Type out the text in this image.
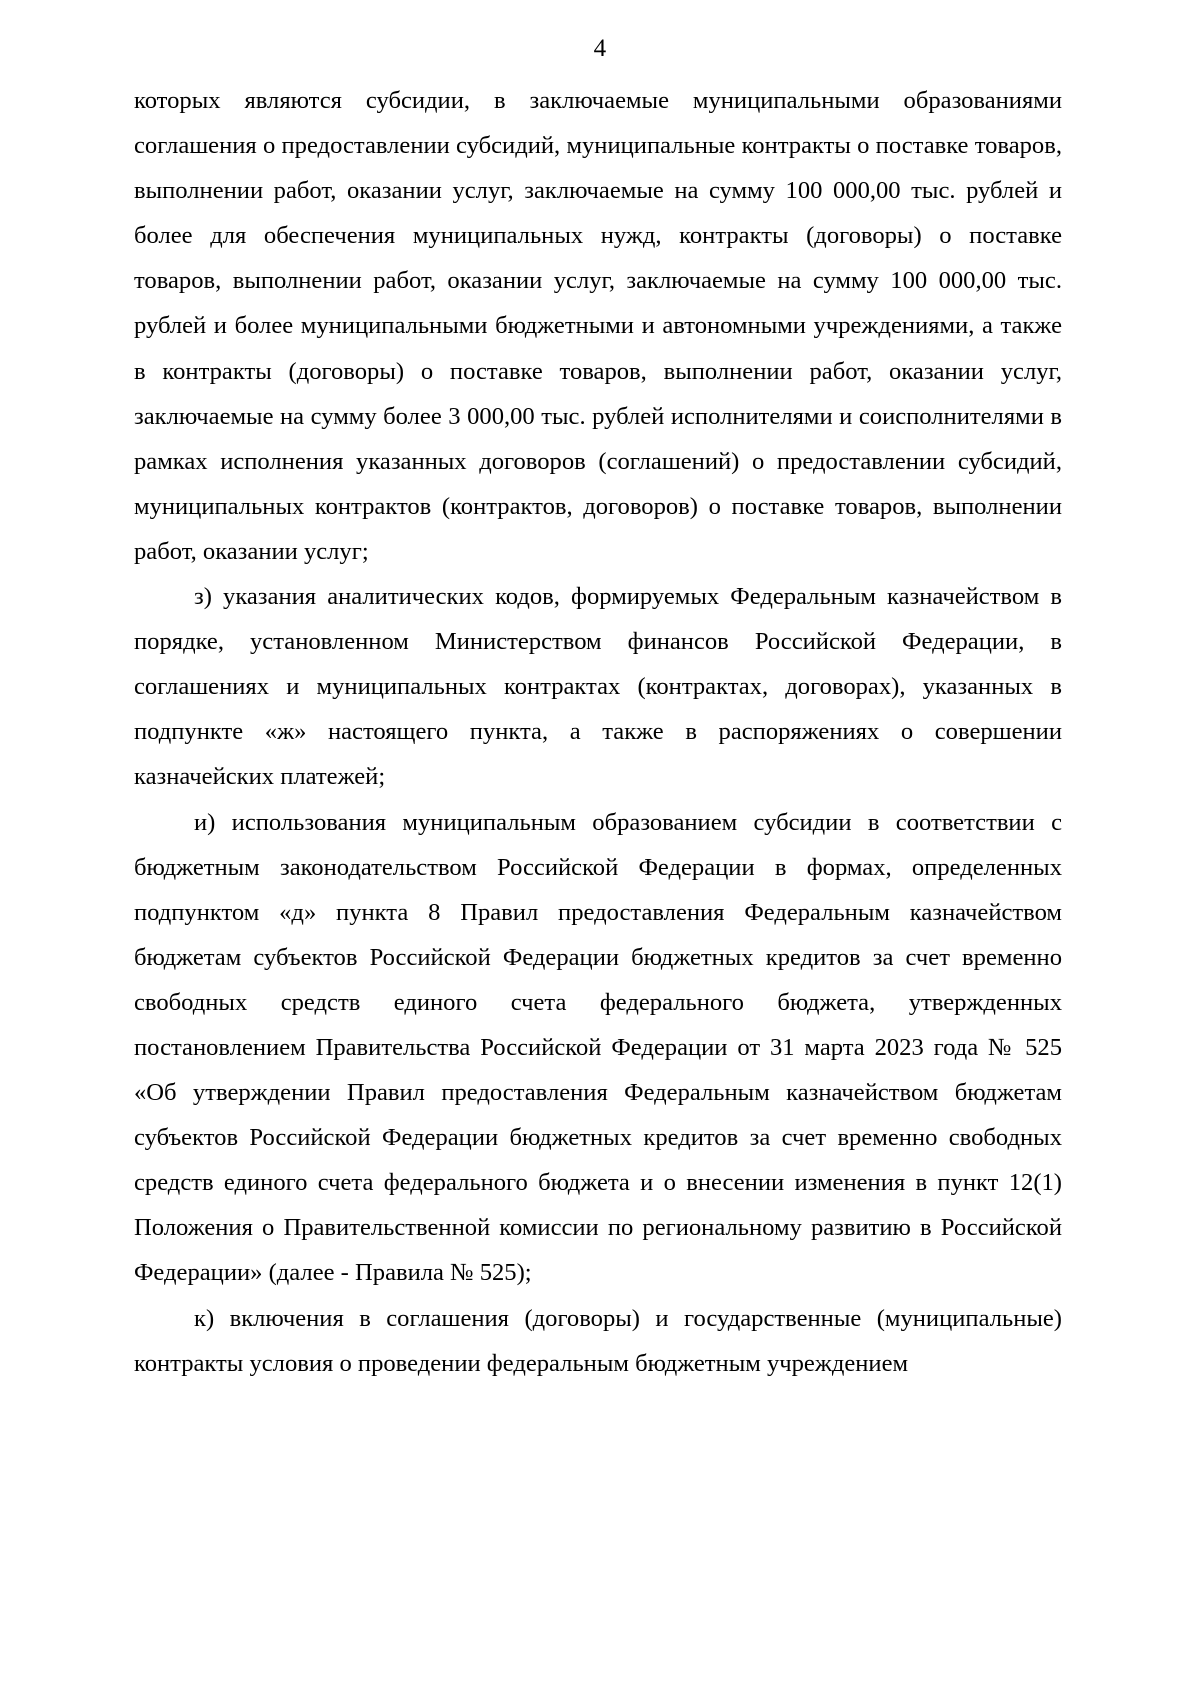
4

которых являются субсидии, в заключаемые муниципальными образованиями соглашения о предоставлении субсидий, муниципальные контракты о поставке товаров, выполнении работ, оказании услуг, заключаемые на сумму 100 000,00 тыс. рублей и более для обеспечения муниципальных нужд, контракты (договоры) о поставке товаров, выполнении работ, оказании услуг, заключаемые на сумму 100 000,00 тыс. рублей и более муниципальными бюджетными и автономными учреждениями, а также в контракты (договоры) о поставке товаров, выполнении работ, оказании услуг, заключаемые на сумму более 3 000,00 тыс. рублей исполнителями и соисполнителями в рамках исполнения указанных договоров (соглашений) о предоставлении субсидий, муниципальных контрактов (контрактов, договоров) о поставке товаров, выполнении работ, оказании услуг;

з) указания аналитических кодов, формируемых Федеральным казначейством в порядке, установленном Министерством финансов Российской Федерации, в соглашениях и муниципальных контрактах (контрактах, договорах), указанных в подпункте «ж» настоящего пункта, а также в распоряжениях о совершении казначейских платежей;

и) использования муниципальным образованием субсидии в соответствии с бюджетным законодательством Российской Федерации в формах, определенных подпунктом «д» пункта 8 Правил предоставления Федеральным казначейством бюджетам субъектов Российской Федерации бюджетных кредитов за счет временно свободных средств единого счета федерального бюджета, утвержденных постановлением Правительства Российской Федерации от 31 марта 2023 года № 525 «Об утверждении Правил предоставления Федеральным казначейством бюджетам субъектов Российской Федерации бюджетных кредитов за счет временно свободных средств единого счета федерального бюджета и о внесении изменения в пункт 12(1) Положения о Правительственной комиссии по региональному развитию в Российской Федерации» (далее - Правила № 525);

к) включения в соглашения (договоры) и государственные (муниципальные) контракты условия о проведении федеральным бюджетным учреждением
